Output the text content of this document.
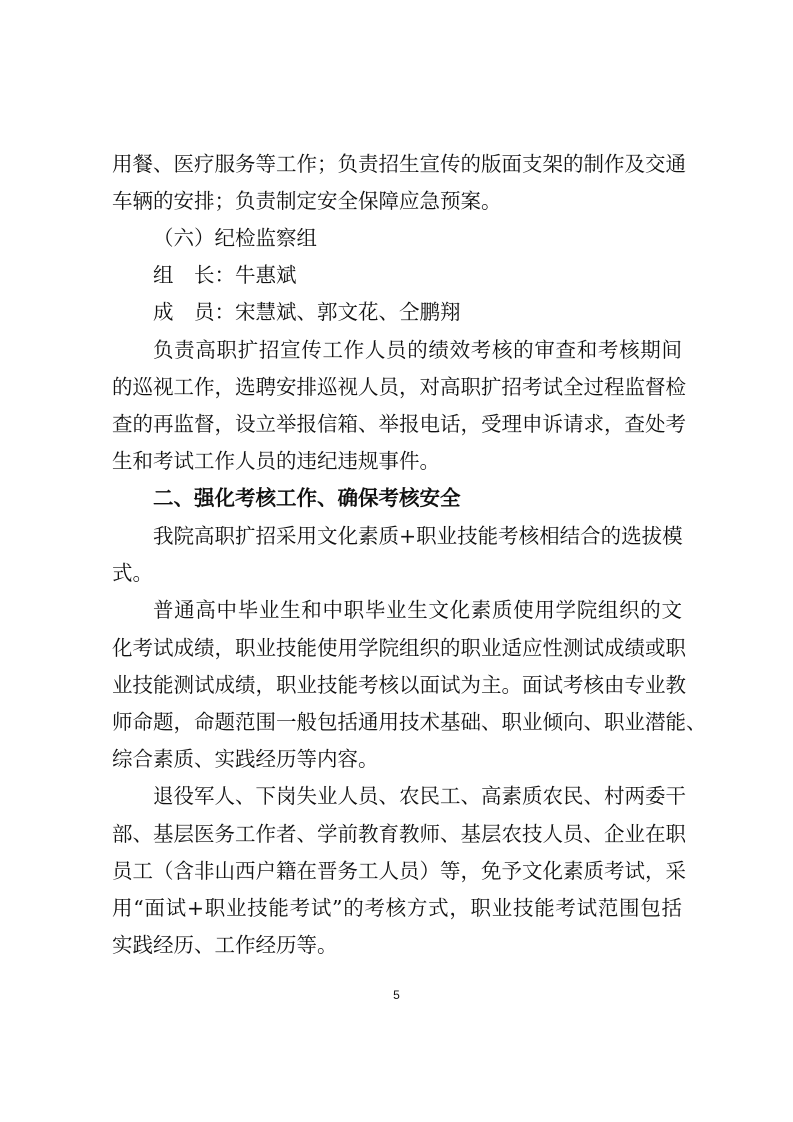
用餐、医疗服务等工作；负责招生宣传的版面支架的制作及交通
车辆的安排；负责制定安全保障应急预案。
（六）纪检监察组
组　长：牛惠斌
成　员：宋慧斌、郭文花、仝鹏翔
负责高职扩招宣传工作人员的绩效考核的审查和考核期间
的巡视工作，选聘安排巡视人员，对高职扩招考试全过程监督检
查的再监督，设立举报信箱、举报电话，受理申诉请求，查处考
生和考试工作人员的违纪违规事件。
二、强化考核工作、确保考核安全
我院高职扩招采用文化素质+职业技能考核相结合的选拔模
式。
普通高中毕业生和中职毕业生文化素质使用学院组织的文
化考试成绩，职业技能使用学院组织的职业适应性测试成绩或职
业技能测试成绩，职业技能考核以面试为主。面试考核由专业教
师命题，命题范围一般包括通用技术基础、职业倾向、职业潜能、
综合素质、实践经历等内容。
退役军人、下岗失业人员、农民工、高素质农民、村两委干
部、基层医务工作者、学前教育教师、基层农技人员、企业在职
员工（含非山西户籍在晋务工人员）等，免予文化素质考试，采
用“面试+职业技能考试”的考核方式，职业技能考试范围包括
实践经历、工作经历等。
5
